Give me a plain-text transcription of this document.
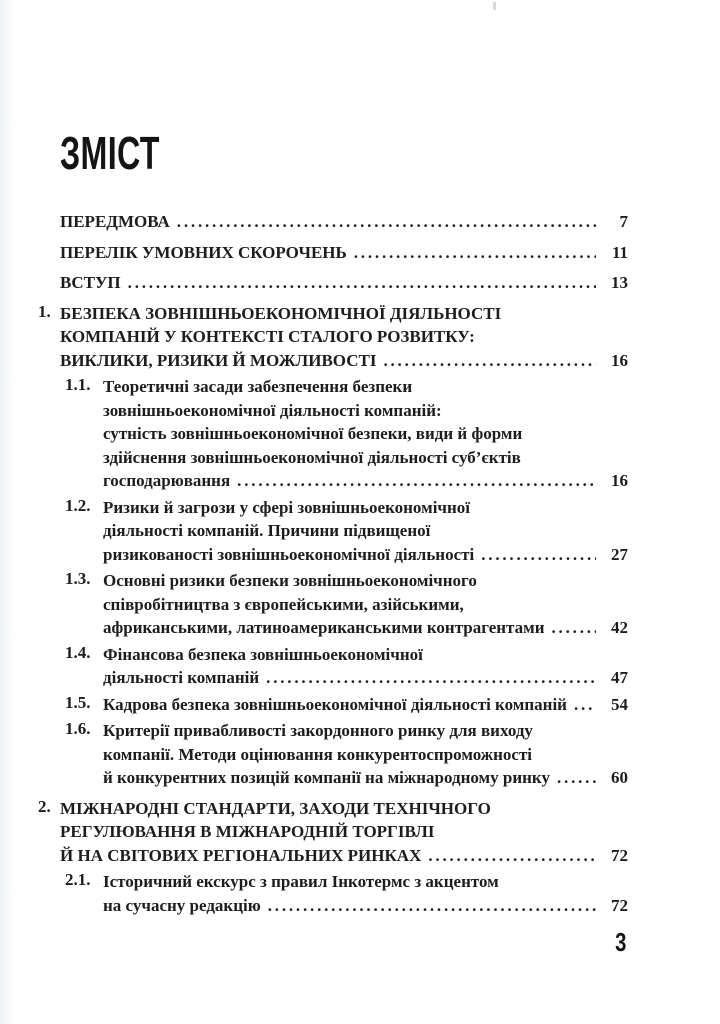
ЗМІСТ
ПЕРЕДМОВА .....	7
ПЕРЕЛІК УМОВНИХ СКОРОЧЕНЬ .....	11
ВСТУП .....	13
1. БЕЗПЕКА ЗОВНІШНЬОЕКОНОМІЧНОЇ ДІЯЛЬНОСТІ
КОМПАНІЙ У КОНТЕКСТІ СТАЛОГО РОЗВИТКУ:
ВИКЛИКИ, РИЗИКИ Й МОЖЛИВОСТІ .....	16
1.1. Теоретичні засади забезпечення безпеки
зовнішньоекономічної діяльності компаній:
сутність зовнішньоекономічної безпеки, види й форми
здійснення зовнішньоекономічної діяльності суб’єктів
господарювання .....	16
1.2. Ризики й загрози у сфері зовнішньоекономічної
діяльності компаній. Причини підвищеної
ризикованості зовнішньоекономічної діяльності .....	27
1.3. Основні ризики безпеки зовнішньоекономічного
співробітництва з європейськими, азійськими,
африканськими, латиноамериканськими контрагентами .....	42
1.4. Фінансова безпека зовнішньоекономічної
діяльності компаній .....	47
1.5. Кадрова безпека зовнішньоекономічної діяльності компаній .....	54
1.6. Критерії привабливості закордонного ринку для виходу
компанії. Методи оцінювання конкурентоспроможності
й конкурентних позицій компанії на міжнародному ринку .....	60
2. МІЖНАРОДНІ СТАНДАРТИ, ЗАХОДИ ТЕХНІЧНОГО
РЕГУЛЮВАННЯ В МІЖНАРОДНІЙ ТОРГІВЛІ
Й НА СВІТОВИХ РЕГІОНАЛЬНИХ РИНКАХ .....	72
2.1. Історичний екскурс з правил Інкотермс з акцентом
на сучасну редакцію .....	72
3
